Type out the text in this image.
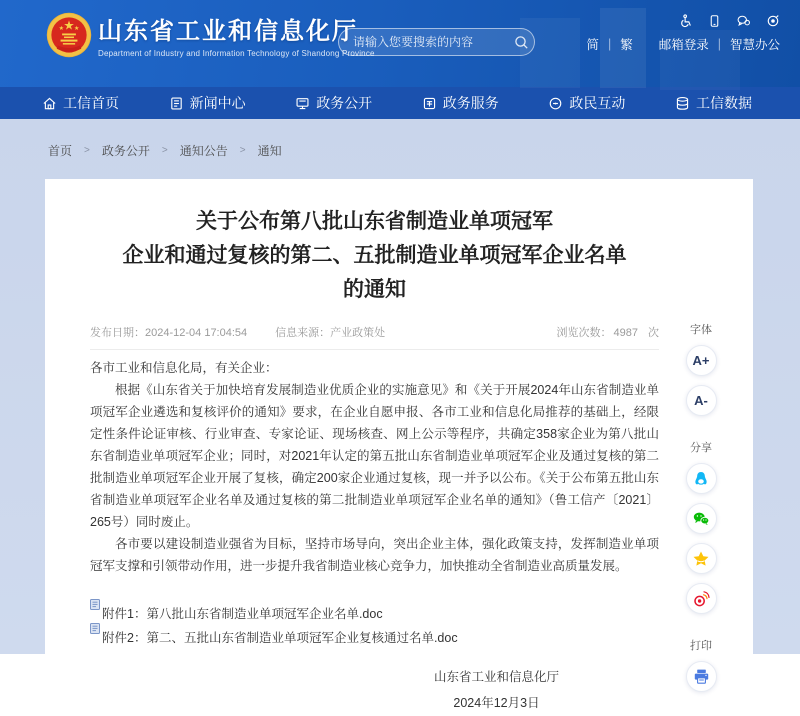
山东省工业和信息化厅
Department of Industry and Information Technology of Shandong Province
请输入您要搜索的内容
简 | 繁 邮箱登录 | 智慧办公
工信首页	新闻中心	政务公开	政务服务	政民互动	工信数据
首页 > 政务公开 > 通知公告 > 通知
关于公布第八批山东省制造业单项冠军
企业和通过复核的第二、五批制造业单项冠军企业名单
的通知
发布日期：2024-12-04 17:04:54	信息来源：产业政策处	浏览次数： 4987 次

各市工业和信息化局，有关企业：

根据《山东省关于加快培育发展制造业优质企业的实施意见》和《关于开展2024年山东省制造业单项冠军企业遴选和复核评价的通知》要求，在企业自愿申报、各市工业和信息化局推荐的基础上，经限定性条件论证审核、行业审查、专家论证、现场核查、网上公示等程序，共确定358家企业为第八批山东省制造业单项冠军企业；同时，对2021年认定的第五批山东省制造业单项冠军企业及通过复核的第二批制造业单项冠军企业开展了复核，确定200家企业通过复核，现一并予以公布。《关于公布第五批山东省制造业单项冠军企业名单及通过复核的第二批制造业单项冠军企业名单的通知》（鲁工信产〔2021〕265号）同时废止。

各市要以建设制造业强省为目标，坚持市场导向，突出企业主体，强化政策支持，发挥制造业单项冠军支撑和引领带动作用，进一步提升我省制造业核心竞争力，加快推动全省制造业高质量发展。

附件1：第八批山东省制造业单项冠军企业名单.doc
附件2：第二、五批山东省制造业单项冠军企业复核通过名单.doc
山东省工业和信息化厅
2024年12月3日
字体
A+
A-
分享
打印
